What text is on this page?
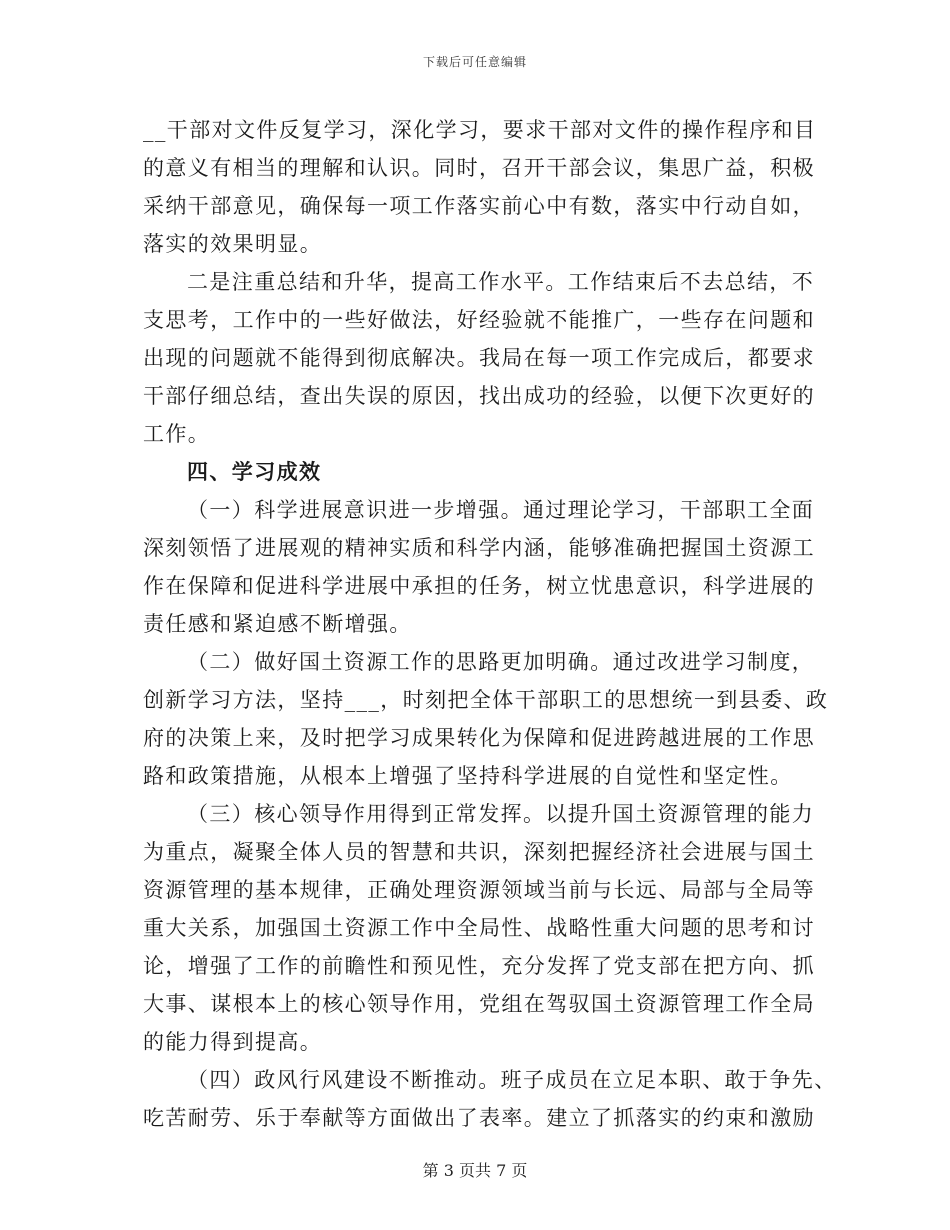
下载后可任意编辑
__干部对文件反复学习，深化学习，要求干部对文件的操作程序和目
的意义有相当的理解和认识。同时，召开干部会议，集思广益，积极
采纳干部意见，确保每一项工作落实前心中有数，落实中行动自如，
落实的效果明显。
二是注重总结和升华，提高工作水平。工作结束后不去总结，不
支思考，工作中的一些好做法，好经验就不能推广，一些存在问题和
出现的问题就不能得到彻底解决。我局在每一项工作完成后，都要求
干部仔细总结，查出失误的原因，找出成功的经验，以便下次更好的
工作。
四、学习成效
（一）科学进展意识进一步增强。通过理论学习，干部职工全面
深刻领悟了进展观的精神实质和科学内涵，能够准确把握国土资源工
作在保障和促进科学进展中承担的任务，树立忧患意识，科学进展的
责任感和紧迫感不断增强。
（二）做好国土资源工作的思路更加明确。通过改进学习制度，
创新学习方法，坚持___，时刻把全体干部职工的思想统一到县委、政
府的决策上来，及时把学习成果转化为保障和促进跨越进展的工作思
路和政策措施，从根本上增强了坚持科学进展的自觉性和坚定性。
（三）核心领导作用得到正常发挥。以提升国土资源管理的能力
为重点，凝聚全体人员的智慧和共识，深刻把握经济社会进展与国土
资源管理的基本规律，正确处理资源领域当前与长远、局部与全局等
重大关系，加强国土资源工作中全局性、战略性重大问题的思考和讨
论，增强了工作的前瞻性和预见性，充分发挥了党支部在把方向、抓
大事、谋根本上的核心领导作用，党组在驾驭国土资源管理工作全局
的能力得到提高。
（四）政风行风建设不断推动。班子成员在立足本职、敢于争先、
吃苦耐劳、乐于奉献等方面做出了表率。建立了抓落实的约束和激励
第 3 页共 7 页
